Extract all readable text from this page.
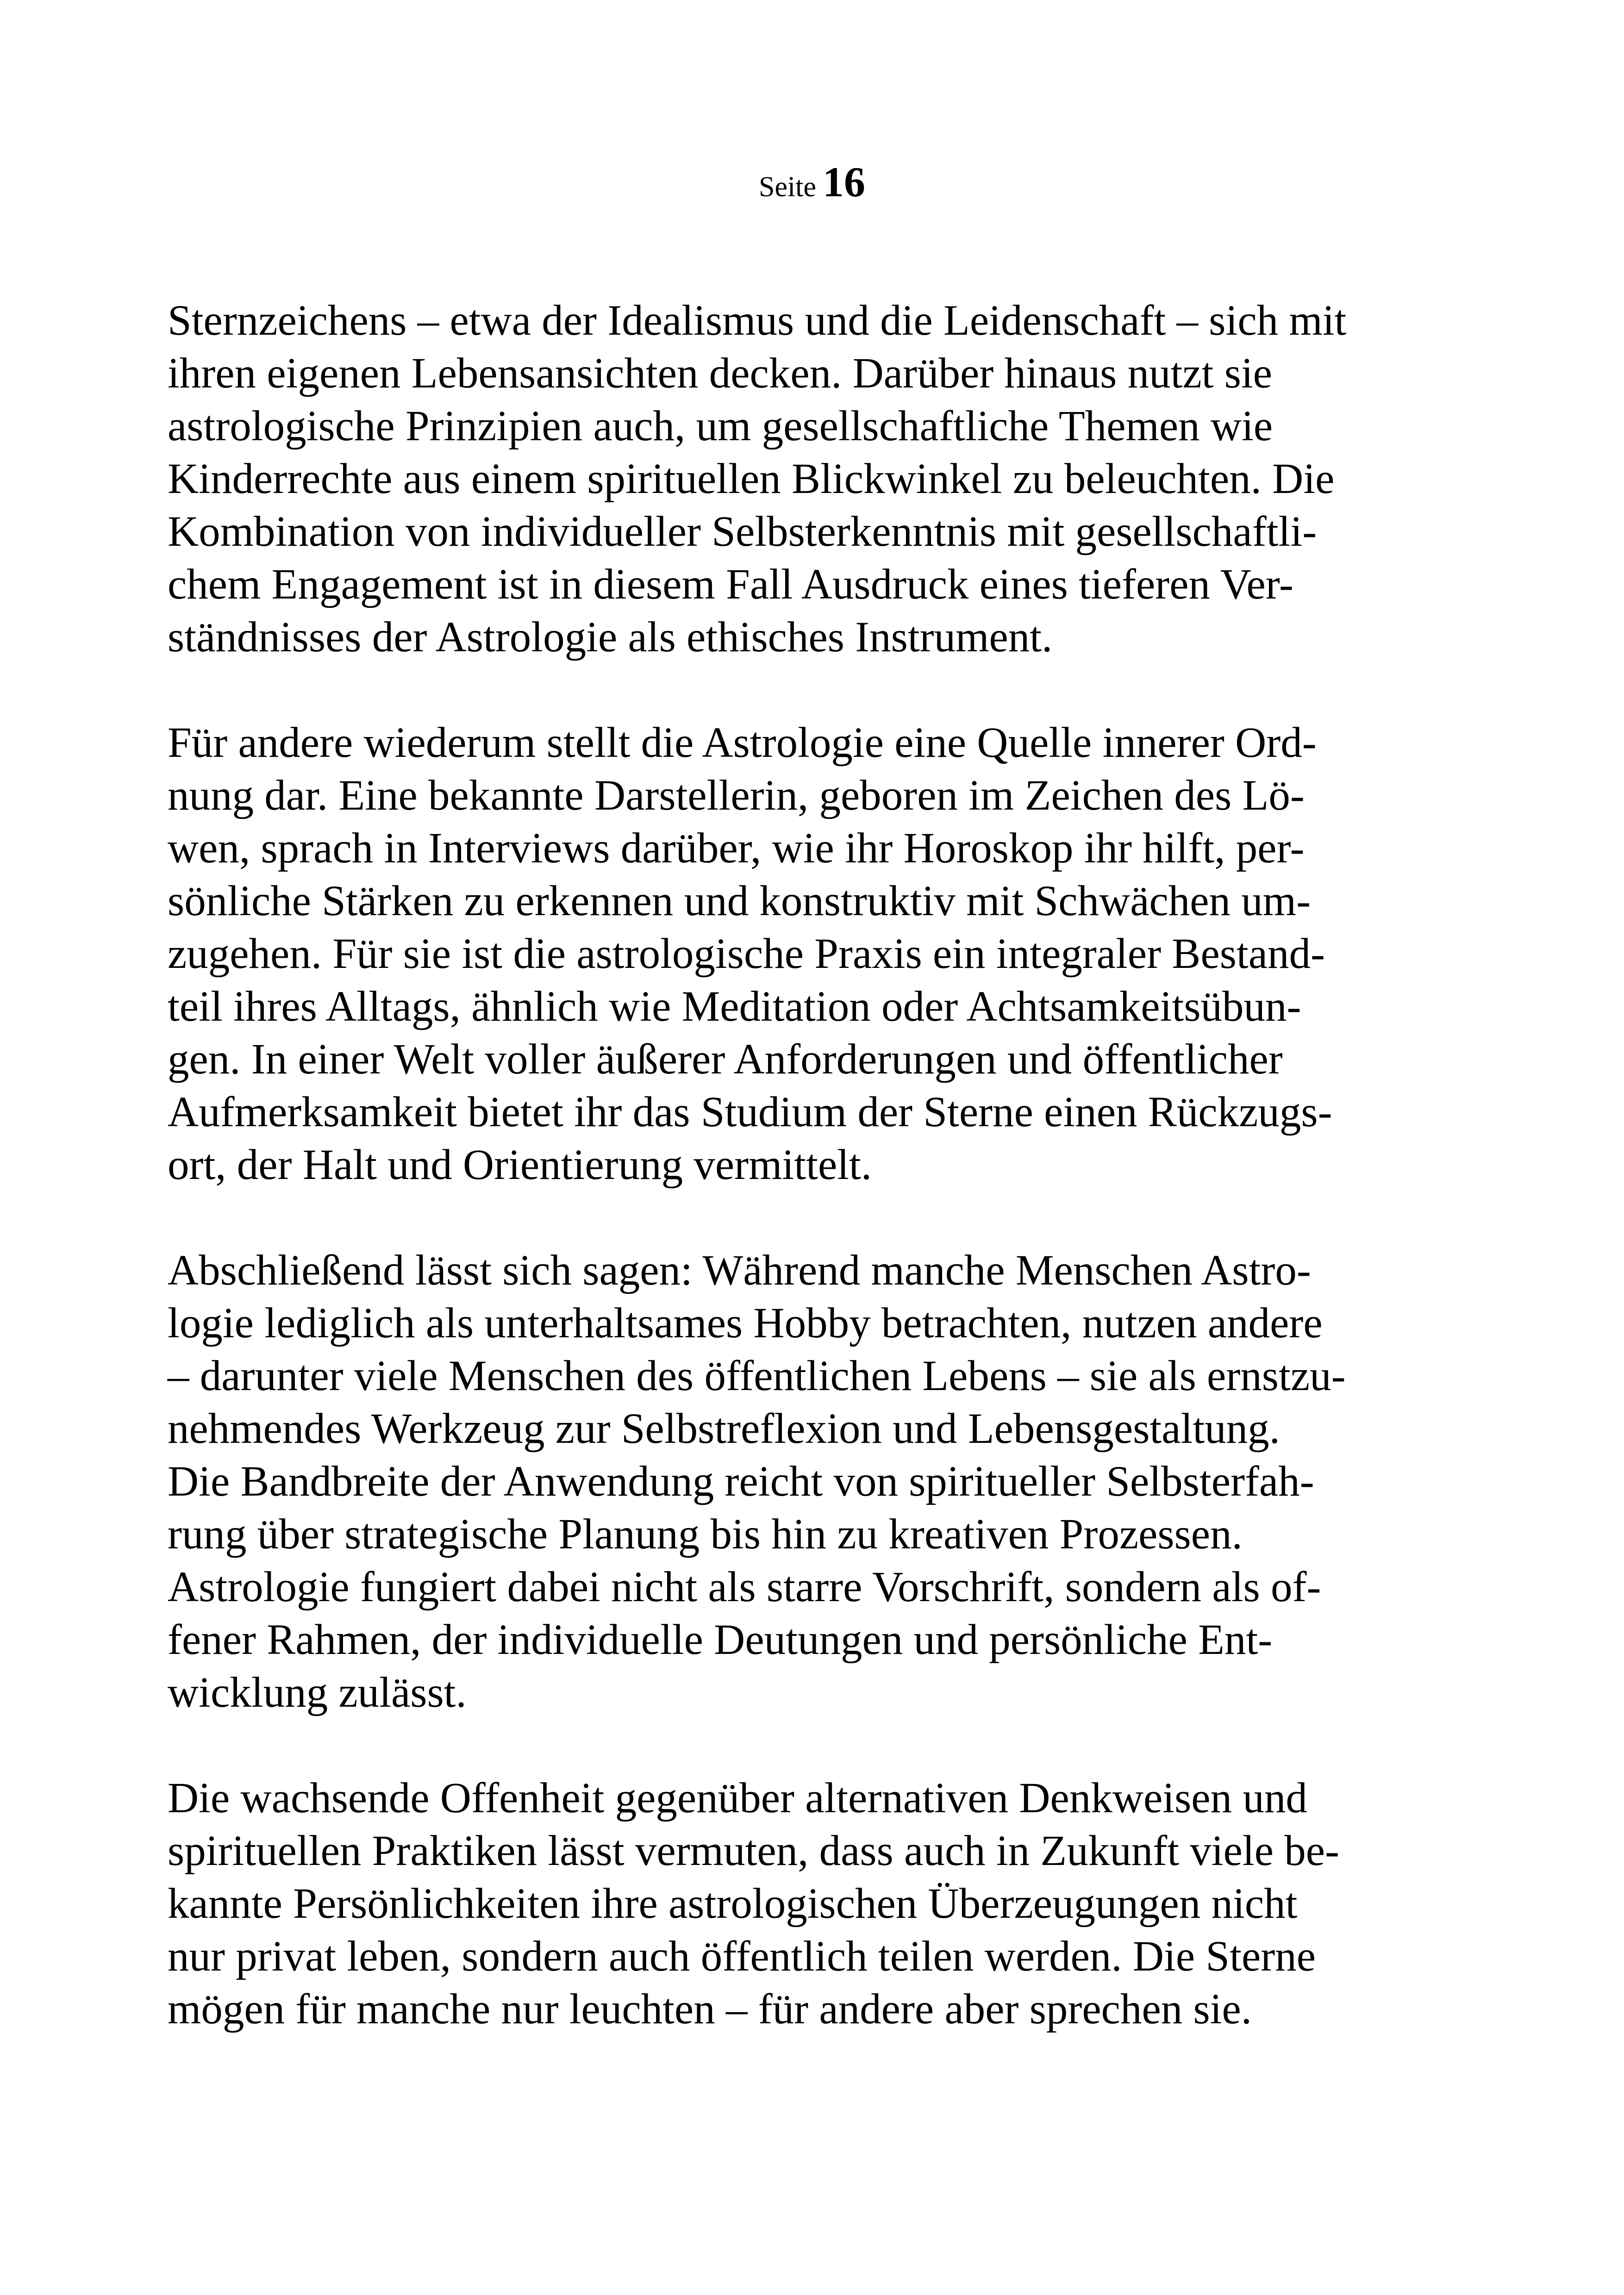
Seite 16

Sternzeichens – etwa der Idealismus und die Leidenschaft – sich mit
ihren eigenen Lebensansichten decken. Darüber hinaus nutzt sie
astrologische Prinzipien auch, um gesellschaftliche Themen wie
Kinderrechte aus einem spirituellen Blickwinkel zu beleuchten. Die
Kombination von individueller Selbsterkenntnis mit gesellschaftli-
chem Engagement ist in diesem Fall Ausdruck eines tieferen Ver-
ständnisses der Astrologie als ethisches Instrument.

Für andere wiederum stellt die Astrologie eine Quelle innerer Ord-
nung dar. Eine bekannte Darstellerin, geboren im Zeichen des Lö-
wen, sprach in Interviews darüber, wie ihr Horoskop ihr hilft, per-
sönliche Stärken zu erkennen und konstruktiv mit Schwächen um-
zugehen. Für sie ist die astrologische Praxis ein integraler Bestand-
teil ihres Alltags, ähnlich wie Meditation oder Achtsamkeitsübun-
gen. In einer Welt voller äußerer Anforderungen und öffentlicher
Aufmerksamkeit bietet ihr das Studium der Sterne einen Rückzugs-
ort, der Halt und Orientierung vermittelt.

Abschließend lässt sich sagen: Während manche Menschen Astro-
logie lediglich als unterhaltsames Hobby betrachten, nutzen andere
– darunter viele Menschen des öffentlichen Lebens – sie als ernstzu-
nehmendes Werkzeug zur Selbstreflexion und Lebensgestaltung.
Die Bandbreite der Anwendung reicht von spiritueller Selbsterfah-
rung über strategische Planung bis hin zu kreativen Prozessen.
Astrologie fungiert dabei nicht als starre Vorschrift, sondern als of-
fener Rahmen, der individuelle Deutungen und persönliche Ent-
wicklung zulässt.

Die wachsende Offenheit gegenüber alternativen Denkweisen und
spirituellen Praktiken lässt vermuten, dass auch in Zukunft viele be-
kannte Persönlichkeiten ihre astrologischen Überzeugungen nicht
nur privat leben, sondern auch öffentlich teilen werden. Die Sterne
mögen für manche nur leuchten – für andere aber sprechen sie.
